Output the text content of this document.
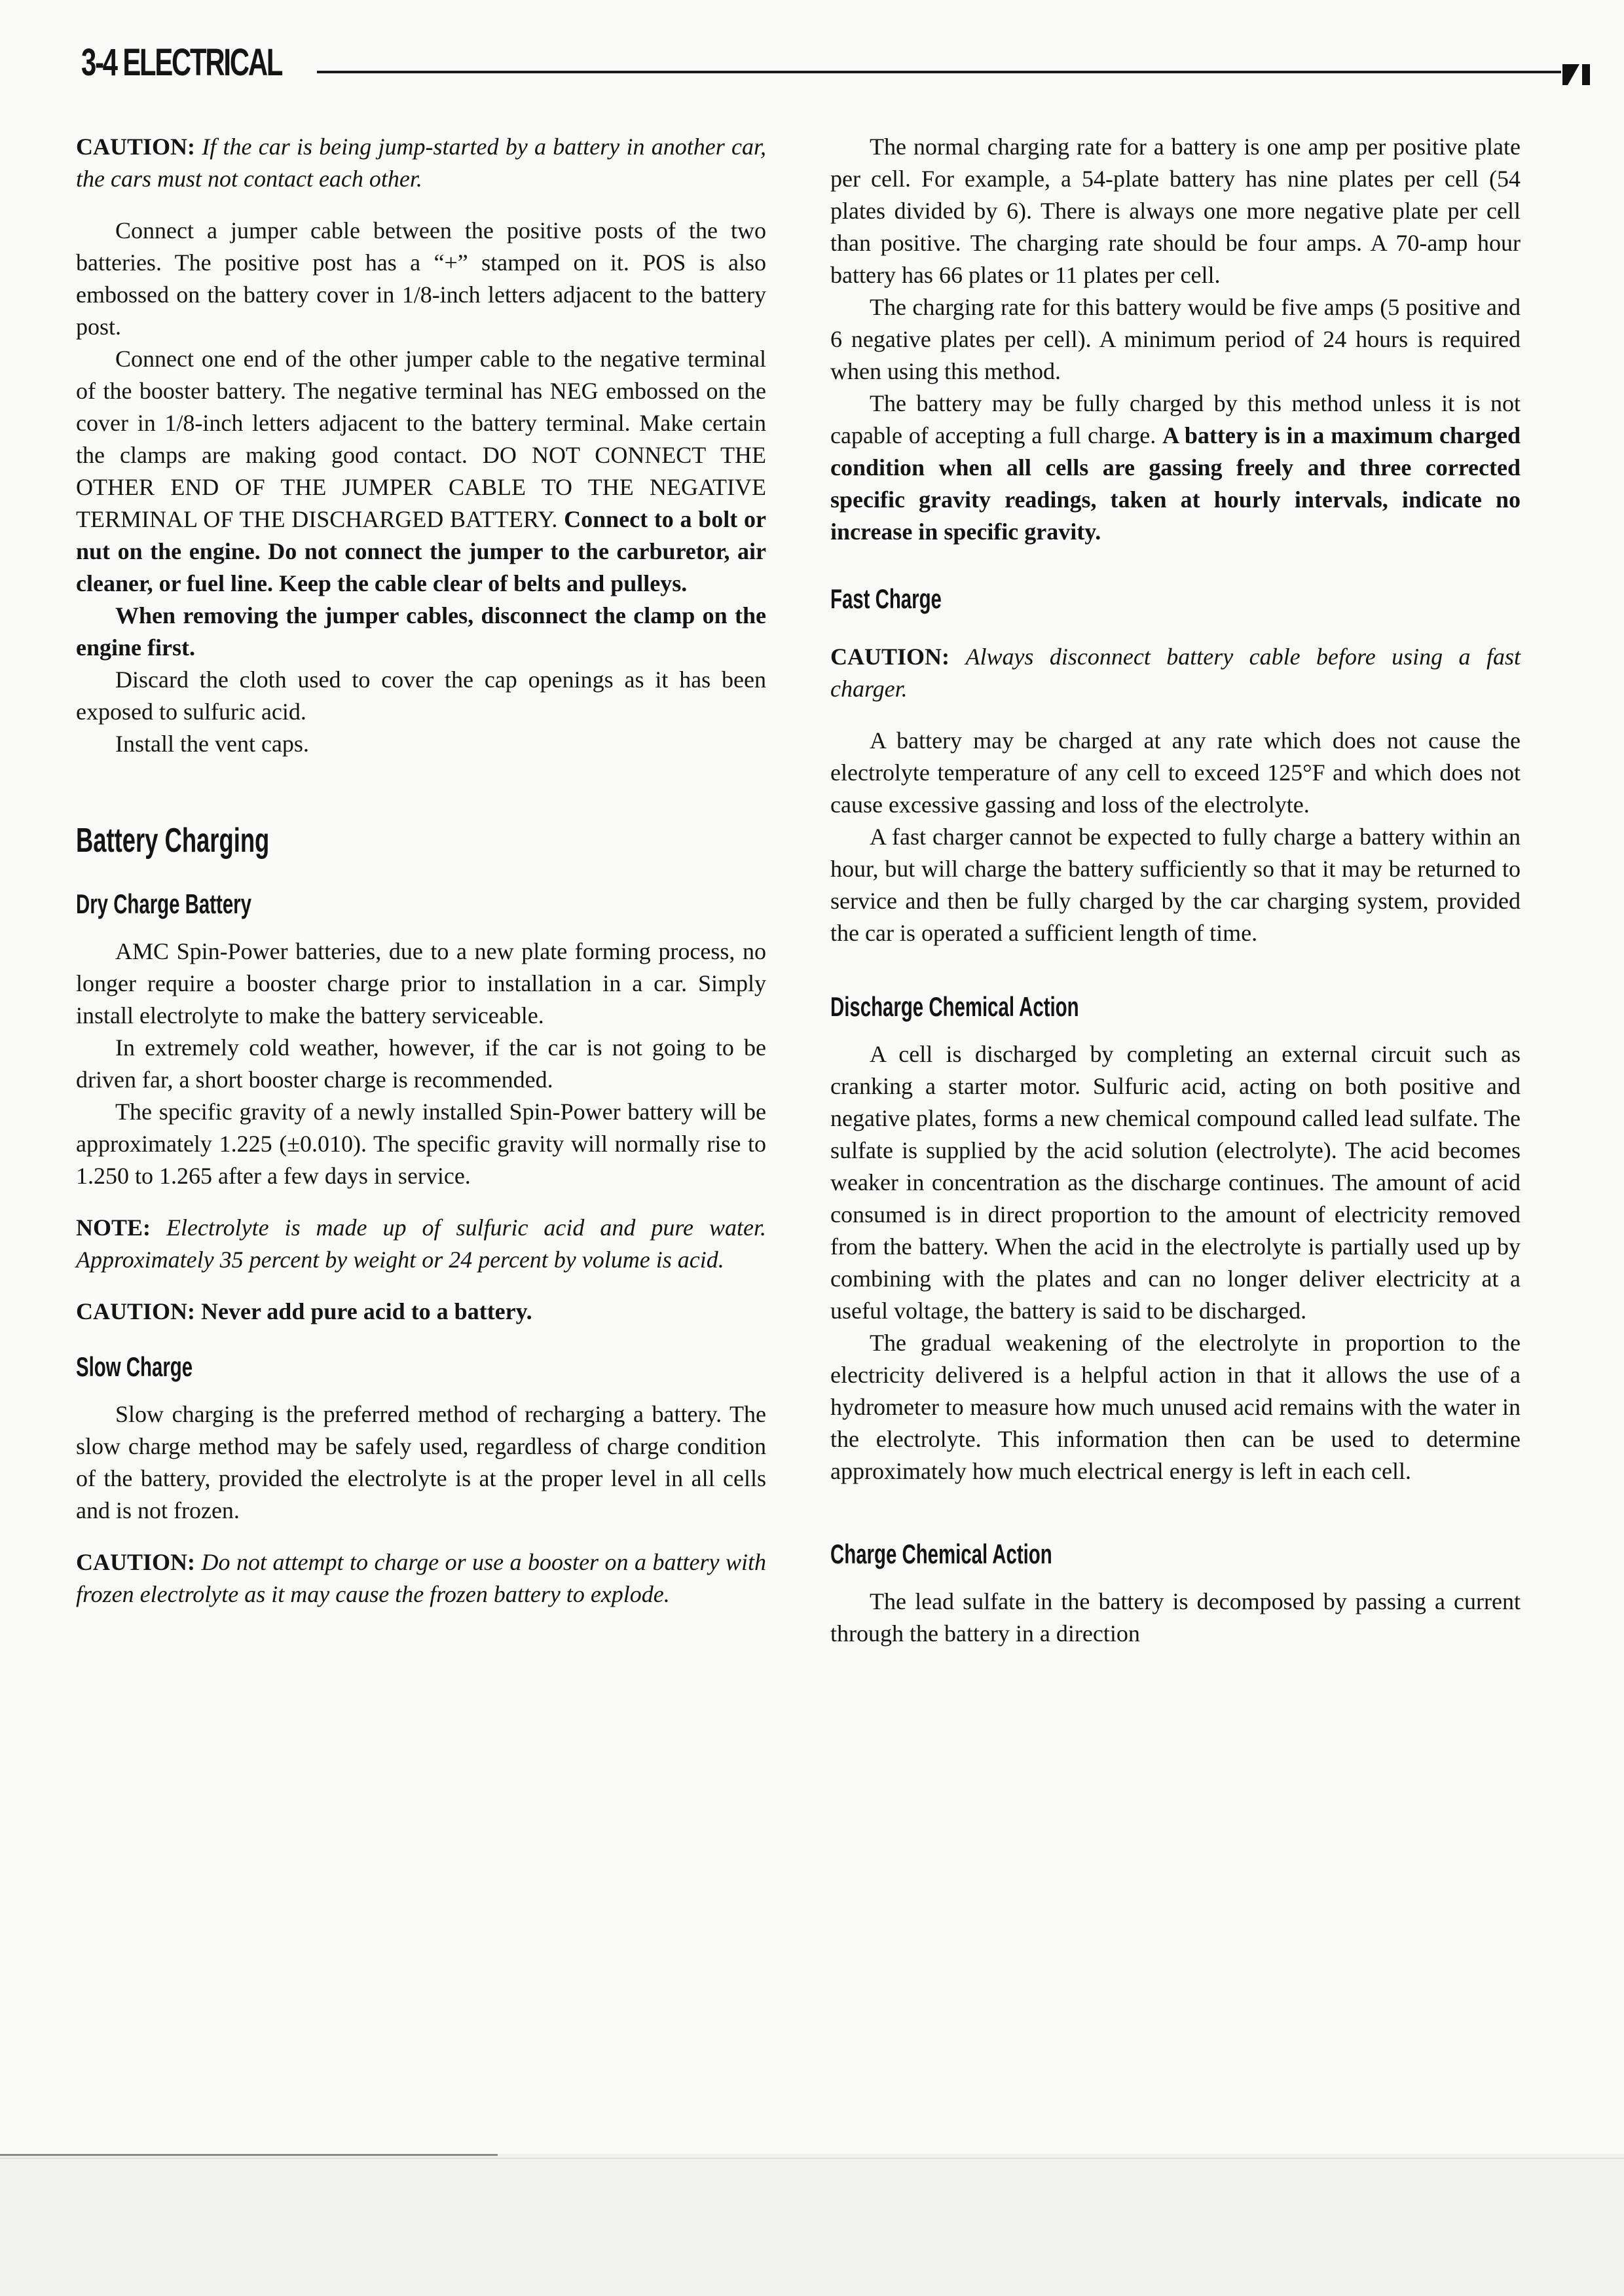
3-4 ELECTRICAL

CAUTION: If the car is being jump-started by a battery in another car, the cars must not contact each other.

Connect a jumper cable between the positive posts of the two batteries. The positive post has a “+” stamped on it. POS is also embossed on the battery cover in 1/8-inch letters adjacent to the battery post.

Connect one end of the other jumper cable to the negative terminal of the booster battery. The negative terminal has NEG embossed on the cover in 1/8-inch letters adjacent to the battery terminal. Make certain the clamps are making good contact. DO NOT CONNECT THE OTHER END OF THE JUMPER CABLE TO THE NEGATIVE TERMINAL OF THE DISCHARGED BATTERY. Connect to a bolt or nut on the engine. Do not connect the jumper to the carburetor, air cleaner, or fuel line. Keep the cable clear of belts and pulleys.

When removing the jumper cables, disconnect the clamp on the engine first.

Discard the cloth used to cover the cap openings as it has been exposed to sulfuric acid.

Install the vent caps.

Battery Charging
Dry Charge Battery

AMC Spin-Power batteries, due to a new plate forming process, no longer require a booster charge prior to installation in a car. Simply install electrolyte to make the battery serviceable.

In extremely cold weather, however, if the car is not going to be driven far, a short booster charge is recommended.

The specific gravity of a newly installed Spin-Power battery will be approximately 1.225 (±0.010). The specific gravity will normally rise to 1.250 to 1.265 after a few days in service.

NOTE: Electrolyte is made up of sulfuric acid and pure water. Approximately 35 percent by weight or 24 percent by volume is acid.

CAUTION: Never add pure acid to a battery.

Slow Charge

Slow charging is the preferred method of recharging a battery. The slow charge method may be safely used, regardless of charge condition of the battery, provided the electrolyte is at the proper level in all cells and is not frozen.

CAUTION: Do not attempt to charge or use a booster on a battery with frozen electrolyte as it may cause the frozen battery to explode.

The normal charging rate for a battery is one amp per positive plate per cell. For example, a 54-plate battery has nine plates per cell (54 plates divided by 6). There is always one more negative plate per cell than positive. The charging rate should be four amps. A 70-amp hour battery has 66 plates or 11 plates per cell.

The charging rate for this battery would be five amps (5 positive and 6 negative plates per cell). A minimum period of 24 hours is required when using this method.

The battery may be fully charged by this method unless it is not capable of accepting a full charge. A battery is in a maximum charged condition when all cells are gassing freely and three corrected specific gravity readings, taken at hourly intervals, indicate no increase in specific gravity.

Fast Charge

CAUTION: Always disconnect battery cable before using a fast charger.

A battery may be charged at any rate which does not cause the electrolyte temperature of any cell to exceed 125°F and which does not cause excessive gassing and loss of the electrolyte.

A fast charger cannot be expected to fully charge a battery within an hour, but will charge the battery sufficiently so that it may be returned to service and then be fully charged by the car charging system, provided the car is operated a sufficient length of time.

Discharge Chemical Action

A cell is discharged by completing an external circuit such as cranking a starter motor. Sulfuric acid, acting on both positive and negative plates, forms a new chemical compound called lead sulfate. The sulfate is supplied by the acid solution (electrolyte). The acid becomes weaker in concentration as the discharge continues. The amount of acid consumed is in direct proportion to the amount of electricity removed from the battery. When the acid in the electrolyte is partially used up by combining with the plates and can no longer deliver electricity at a useful voltage, the battery is said to be discharged.

The gradual weakening of the electrolyte in proportion to the electricity delivered is a helpful action in that it allows the use of a hydrometer to measure how much unused acid remains with the water in the electrolyte. This information then can be used to determine approximately how much electrical energy is left in each cell.

Charge Chemical Action

The lead sulfate in the battery is decomposed by passing a current through the battery in a direction
